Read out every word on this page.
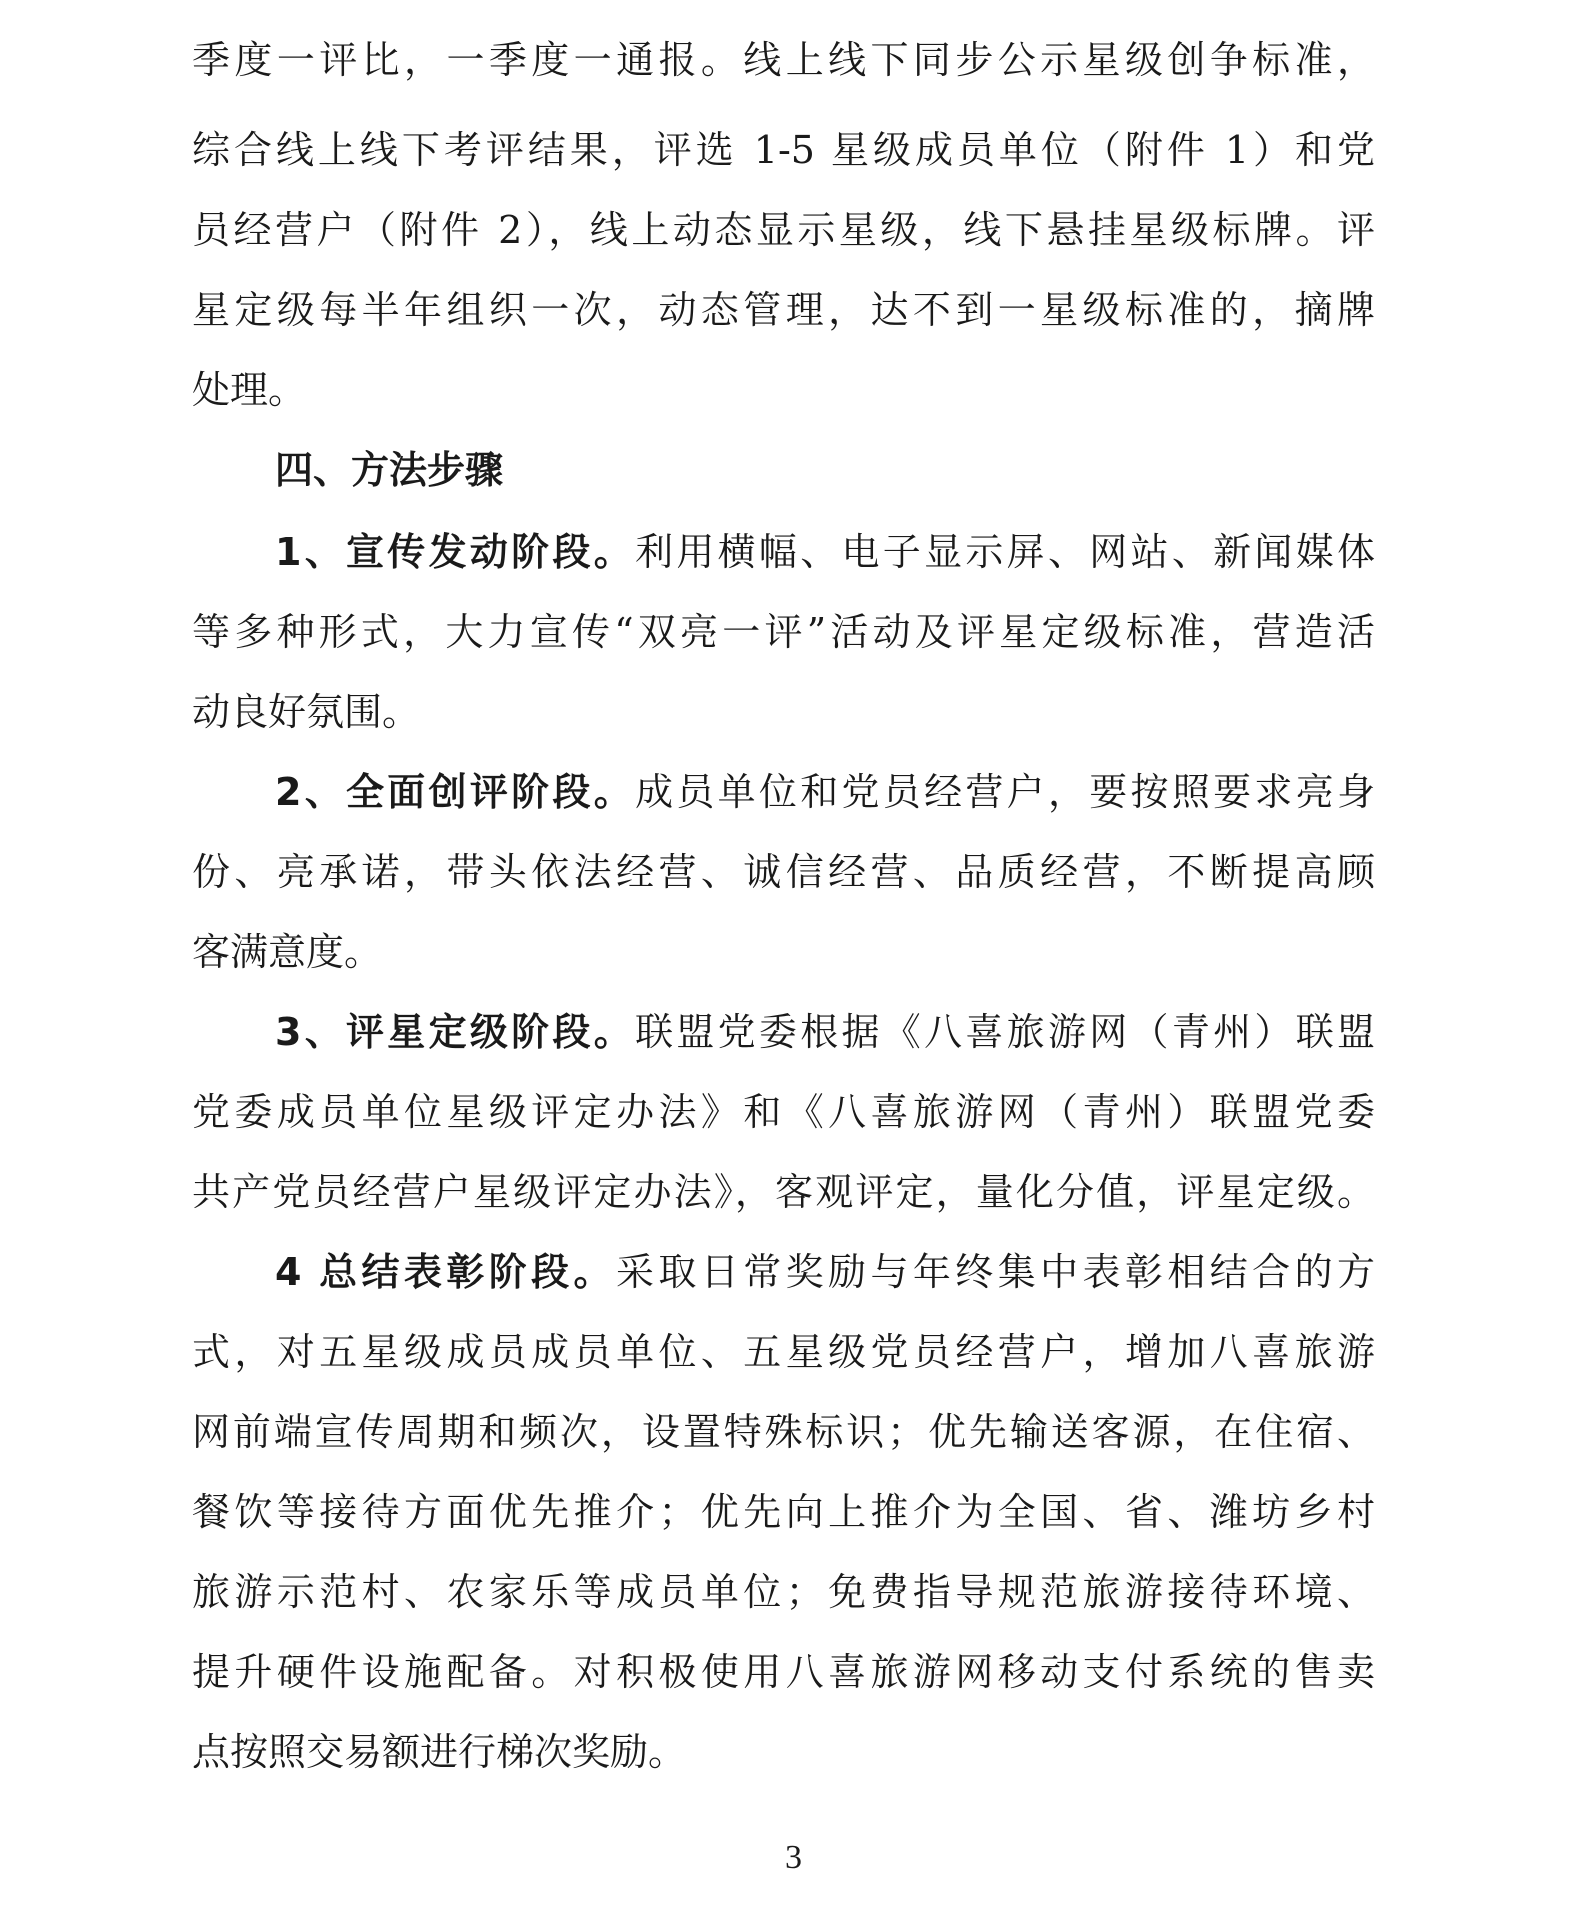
季度一评比，一季度一通报。线上线下同步公示星级创争标准，
综合线上线下考评结果，评选 1-5 星级成员单位（附件 1）和党
员经营户（附件 2），线上动态显示星级，线下悬挂星级标牌。评
星定级每半年组织一次，动态管理，达不到一星级标准的，摘牌
处理。
四、方法步骤
1、宣传发动阶段。利用横幅、电子显示屏、网站、新闻媒体
等多种形式，大力宣传“双亮一评”活动及评星定级标准，营造活
动良好氛围。
2、全面创评阶段。成员单位和党员经营户，要按照要求亮身
份、亮承诺，带头依法经营、诚信经营、品质经营，不断提高顾
客满意度。
3、评星定级阶段。联盟党委根据《八喜旅游网（青州）联盟
党委成员单位星级评定办法》和《八喜旅游网（青州）联盟党委
共产党员经营户星级评定办法》，客观评定，量化分值，评星定级。
4 总结表彰阶段。采取日常奖励与年终集中表彰相结合的方
式，对五星级成员成员单位、五星级党员经营户，增加八喜旅游
网前端宣传周期和频次，设置特殊标识；优先输送客源，在住宿、
餐饮等接待方面优先推介；优先向上推介为全国、省、潍坊乡村
旅游示范村、农家乐等成员单位；免费指导规范旅游接待环境、
提升硬件设施配备。对积极使用八喜旅游网移动支付系统的售卖
点按照交易额进行梯次奖励。
3
